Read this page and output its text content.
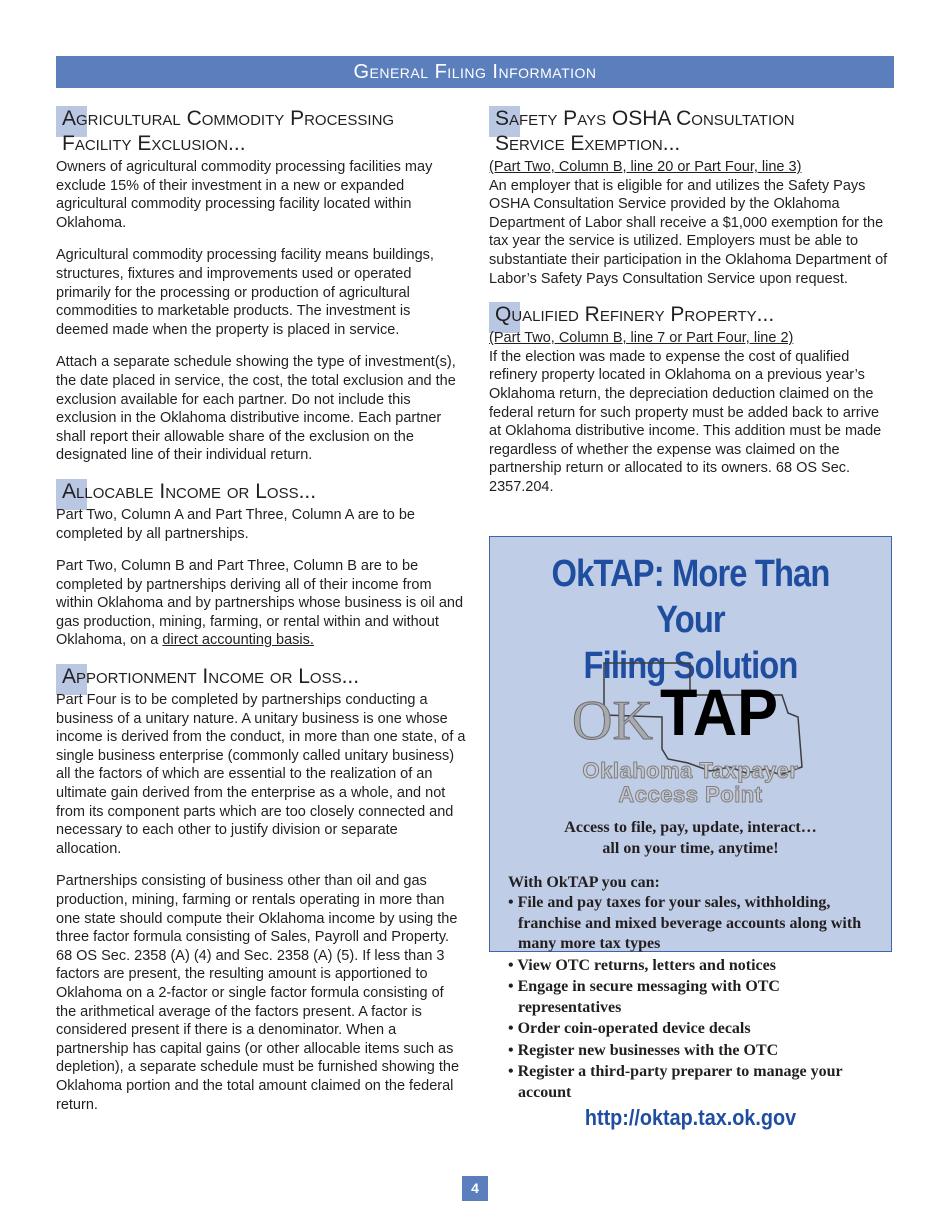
General Filing Information
Agricultural Commodity Processing
Facility Exclusion...

Owners of agricultural commodity processing facilities may exclude 15% of their investment in a new or expanded agricultural commodity processing facility located within Oklahoma.

Agricultural commodity processing facility means buildings, structures, fixtures and improvements used or operated primarily for the processing or production of agricultural commodities to marketable products. The investment is deemed made when the property is placed in service.

Attach a separate schedule showing the type of investment(s), the date placed in service, the cost, the total exclusion and the exclusion available for each partner. Do not include this exclusion in the Oklahoma distributive income. Each partner shall report their allowable share of the exclusion on the designated line of their individual return.

Allocable Income or Loss...

Part Two, Column A and Part Three, Column A are to be completed by all partnerships.

Part Two, Column B and Part Three, Column B are to be completed by partnerships deriving all of their income from within Oklahoma and by partnerships whose business is oil and gas production, mining, farming, or rental within and without Oklahoma, on a direct accounting basis.

Apportionment Income or Loss...

Part Four is to be completed by partnerships conducting a business of a unitary nature. A unitary business is one whose income is derived from the conduct, in more than one state, of a single business enterprise (commonly called unitary business) all the factors of which are essential to the realization of an ultimate gain derived from the enterprise as a whole, and not from its component parts which are too closely connected and necessary to each other to justify division or separate allocation.

Partnerships consisting of business other than oil and gas production, mining, farming or rentals operating in more than one state should compute their Oklahoma income by using the three factor formula consisting of Sales, Payroll and Property. 68 OS Sec. 2358 (A) (4) and Sec. 2358 (A) (5). If less than 3 factors are present, the resulting amount is apportioned to Oklahoma on a 2-factor or single factor formula consisting of the arithmetical average of the factors present. A factor is considered present if there is a denominator. When a partnership has capital gains (or other allocable items such as depletion), a separate schedule must be furnished showing the Oklahoma portion and the total amount claimed on the federal return.

Safety Pays OSHA Consultation
Service Exemption...
(Part Two, Column B, line 20 or Part Four, line 3)

An employer that is eligible for and utilizes the Safety Pays OSHA Consultation Service provided by the Oklahoma Department of Labor shall receive a $1,000 exemption for the tax year the service is utilized. Employers must be able to substantiate their participation in the Oklahoma Department of Labor’s Safety Pays Consultation Service upon request.

Qualified Refinery Property...
(Part Two, Column B, line 7 or Part Four, line 2)

If the election was made to expense the cost of qualified refinery property located in Oklahoma on a previous year’s Oklahoma return, the depreciation deduction claimed on the federal return for such property must be added back to arrive at Oklahoma distributive income. This addition must be made regardless of whether the expense was claimed on the partnership return or allocated to its owners. 68 OS Sec. 2357.204.

OkTAP: More Than Your
Filing Solution
OK TAP
Oklahoma Taxpayer
Access Point
Access to file, pay, update, interact…
all on your time, anytime!
With OkTAP you can:
• File and pay taxes for your sales, withholding, franchise and mixed beverage accounts along with many more tax types
• View OTC returns, letters and notices
• Engage in secure messaging with OTC representatives
• Order coin-operated device decals
• Register new businesses with the OTC
• Register a third-party preparer to manage your account
http://oktap.tax.ok.gov
4
